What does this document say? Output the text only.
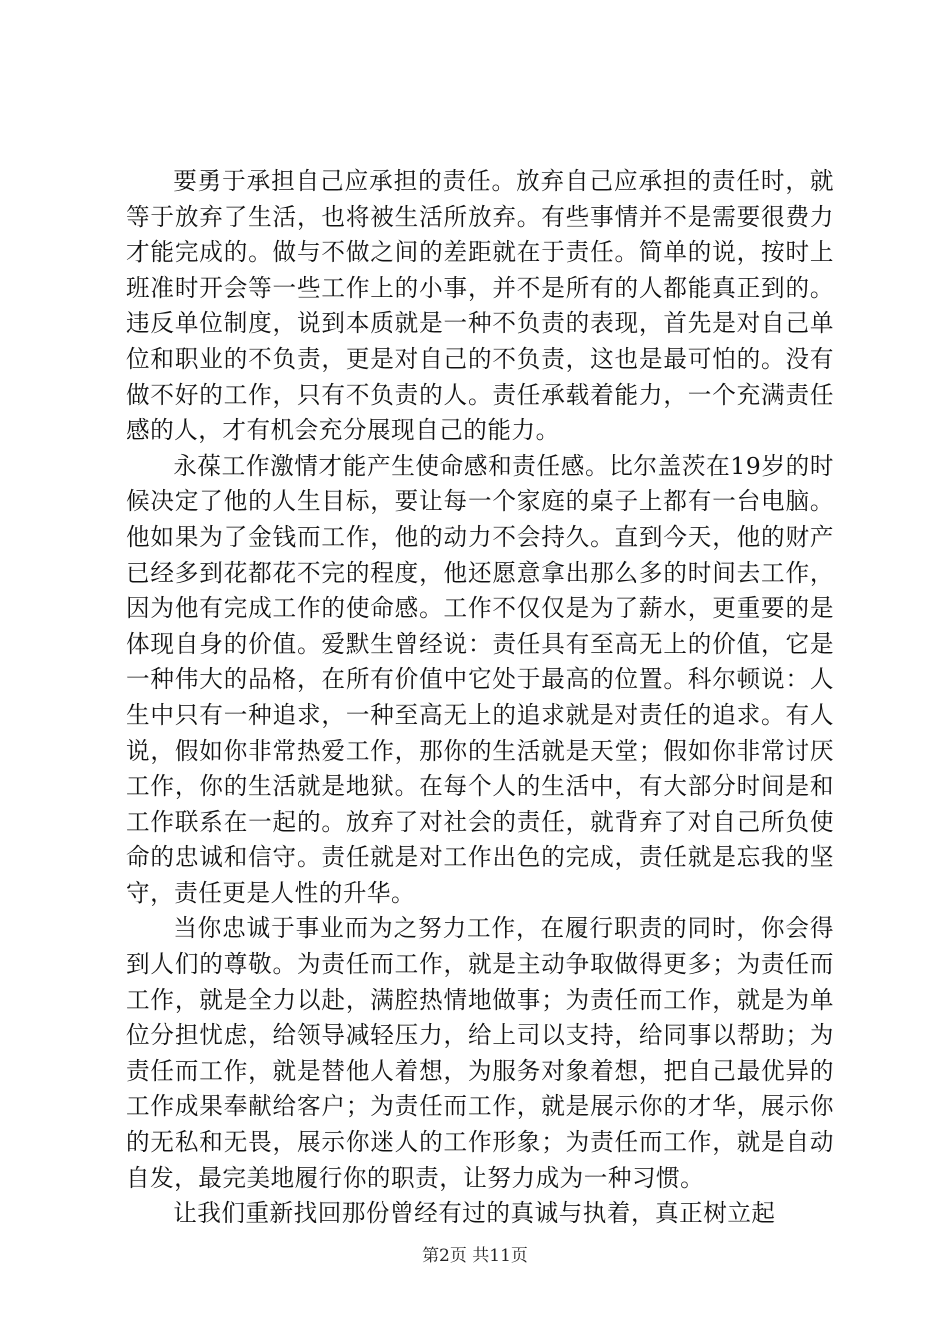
要勇于承担自己应承担的责任。放弃自己应承担的责任时，就等于放弃了生活，也将被生活所放弃。有些事情并不是需要很费力才能完成的。做与不做之间的差距就在于责任。简单的说，按时上班准时开会等一些工作上的小事，并不是所有的人都能真正到的。违反单位制度，说到本质就是一种不负责的表现，首先是对自己单位和职业的不负责，更是对自己的不负责，这也是最可怕的。没有做不好的工作，只有不负责的人。责任承载着能力，一个充满责任感的人，才有机会充分展现自己的能力。

永葆工作激情才能产生使命感和责任感。比尔盖茨在19岁的时候决定了他的人生目标，要让每一个家庭的桌子上都有一台电脑。他如果为了金钱而工作，他的动力不会持久。直到今天，他的财产已经多到花都花不完的程度，他还愿意拿出那么多的时间去工作，因为他有完成工作的使命感。工作不仅仅是为了薪水，更重要的是体现自身的价值。爱默生曾经说：责任具有至高无上的价值，它是一种伟大的品格，在所有价值中它处于最高的位置。科尔顿说：人生中只有一种追求，一种至高无上的追求就是对责任的追求。有人说，假如你非常热爱工作，那你的生活就是天堂；假如你非常讨厌工作，你的生活就是地狱。在每个人的生活中，有大部分时间是和工作联系在一起的。放弃了对社会的责任，就背弃了对自己所负使命的忠诚和信守。责任就是对工作出色的完成，责任就是忘我的坚守，责任更是人性的升华。

当你忠诚于事业而为之努力工作，在履行职责的同时，你会得到人们的尊敬。为责任而工作，就是主动争取做得更多；为责任而工作，就是全力以赴，满腔热情地做事；为责任而工作，就是为单位分担忧虑，给领导减轻压力，给上司以支持，给同事以帮助；为责任而工作，就是替他人着想，为服务对象着想，把自己最优异的工作成果奉献给客户；为责任而工作，就是展示你的才华，展示你的无私和无畏，展示你迷人的工作形象；为责任而工作，就是自动自发，最完美地履行你的职责，让努力成为一种习惯。

让我们重新找回那份曾经有过的真诚与执着，真正树立起

第2页 共11页
